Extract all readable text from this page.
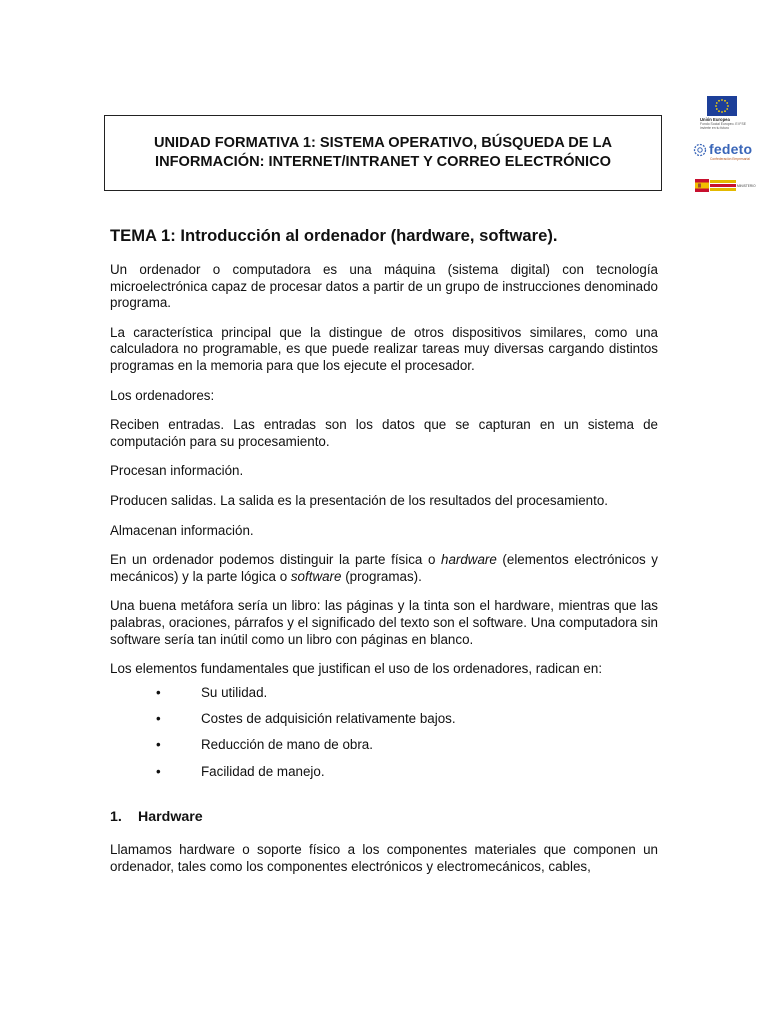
Unión Europea
Fondo Social Europeo. El FSE invierte en tu futuro
fedeto
Confederación Empresarial
MINISTERIO
UNIDAD FORMATIVA 1: SISTEMA OPERATIVO, BÚSQUEDA DE LA
INFORMACIÓN: INTERNET/INTRANET Y CORREO ELECTRÓNICO
TEMA 1: Introducción al ordenador (hardware, software).

Un ordenador o computadora es una máquina (sistema digital) con tecnología microelectrónica capaz de procesar datos a partir de un grupo de instrucciones denominado programa.

La característica principal que la distingue de otros dispositivos similares, como una calculadora no programable, es que puede realizar tareas muy diversas cargando distintos programas en la memoria para que los ejecute el procesador.

Los ordenadores:

Reciben entradas. Las entradas son los datos que se capturan en un sistema de computación para su procesamiento.

Procesan información.

Producen salidas. La salida es la presentación de los resultados del procesamiento.

Almacenan información.

En un ordenador podemos distinguir la parte física o hardware (elementos electrónicos y mecánicos) y la parte lógica o software (programas).

Una buena metáfora sería un libro: las páginas y la tinta son el hardware, mientras que las palabras, oraciones, párrafos y el significado del texto son el software. Una computadora sin software sería tan inútil como un libro con páginas en blanco.

Los elementos fundamentales que justifican el uso de los ordenadores, radican en:

•	Su utilidad.
•	Costes de adquisición relativamente bajos.
•	Reducción de mano de obra.
•	Facilidad de manejo.
1. Hardware

Llamamos hardware o soporte físico a los componentes materiales que componen un ordenador, tales como los componentes electrónicos y electromecánicos, cables,
